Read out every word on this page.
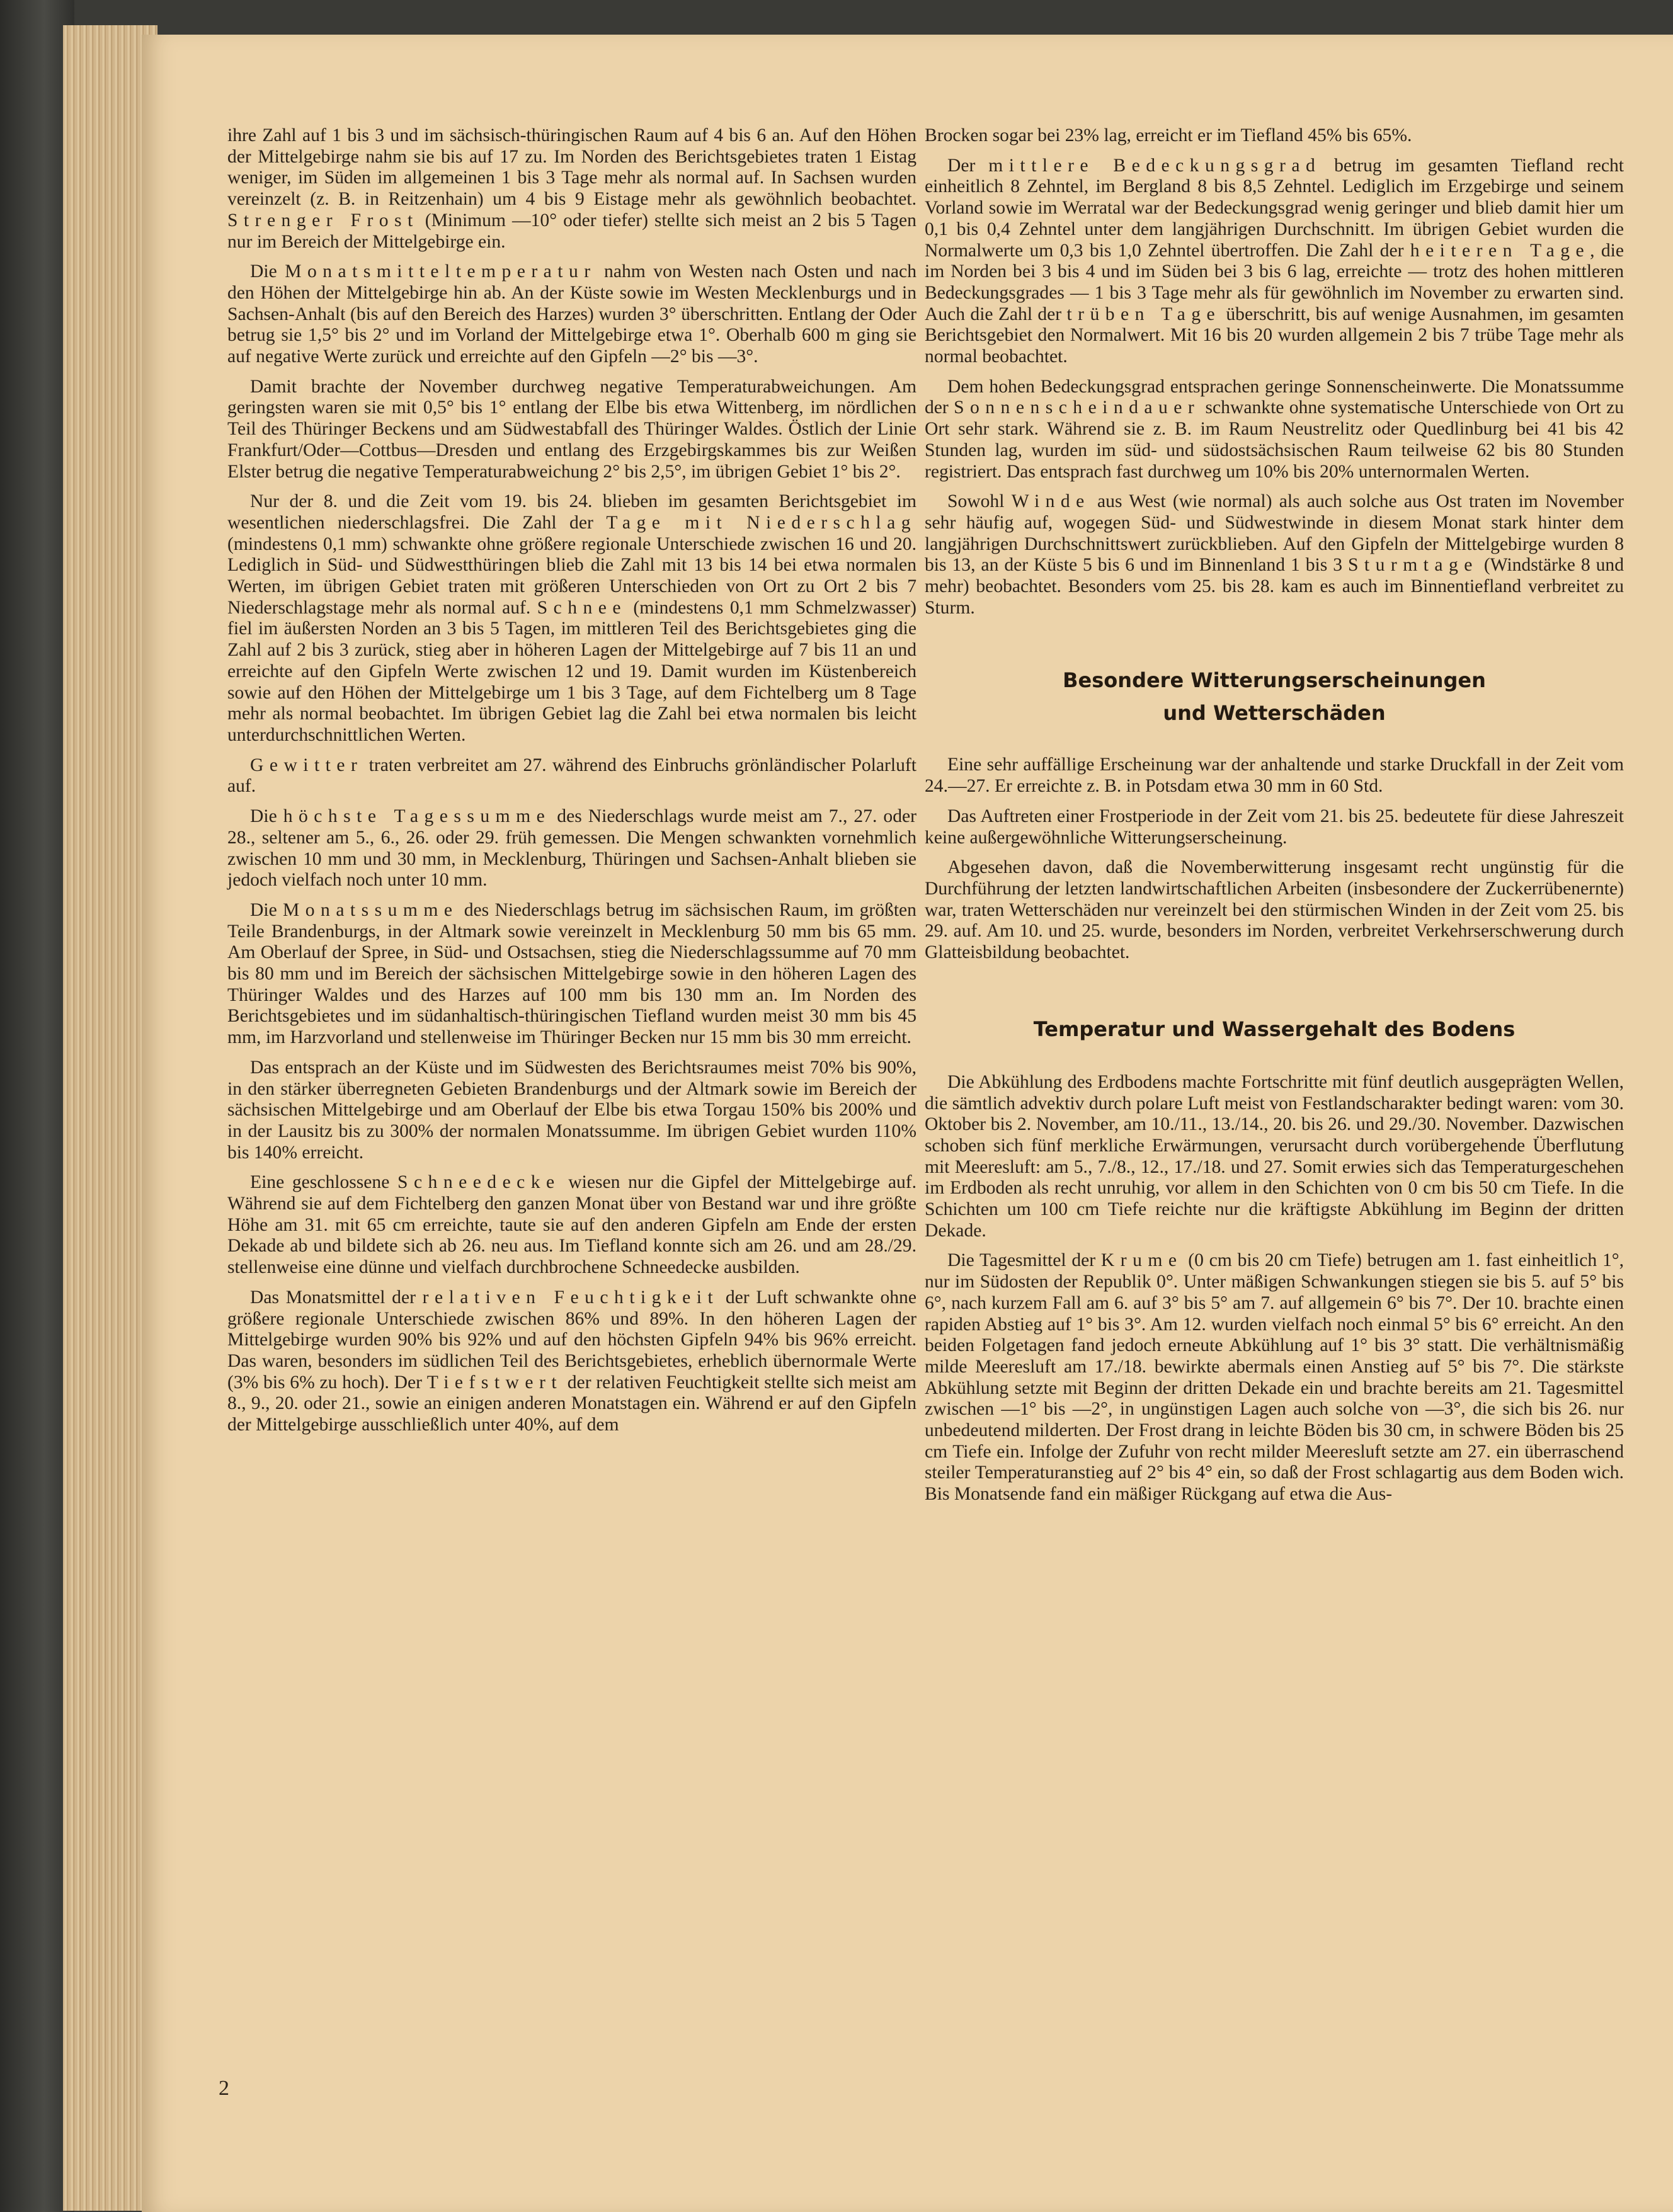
ihre Zahl auf 1 bis 3 und im sächsisch-thüringischen Raum auf 4 bis 6 an. Auf den Höhen der Mittelgebirge nahm sie bis auf 17 zu. Im Norden des Berichtsgebietes traten 1 Eistag weniger, im Süden im allgemeinen 1 bis 3 Tage mehr als normal auf. In Sachsen wurden vereinzelt (z. B. in Reitzenhain) um 4 bis 9 Eistage mehr als gewöhnlich beobachtet. Strenger Frost (Minimum —10° oder tiefer) stellte sich meist an 2 bis 5 Tagen nur im Bereich der Mittelgebirge ein.

Die Monatsmitteltemperatur nahm von Westen nach Osten und nach den Höhen der Mittelgebirge hin ab. An der Küste sowie im Westen Mecklenburgs und in Sachsen-Anhalt (bis auf den Bereich des Harzes) wurden 3° überschritten. Entlang der Oder betrug sie 1,5° bis 2° und im Vorland der Mittelgebirge etwa 1°. Oberhalb 600 m ging sie auf negative Werte zurück und erreichte auf den Gipfeln —2° bis —3°.

Damit brachte der November durchweg negative Temperaturabweichungen. Am geringsten waren sie mit 0,5° bis 1° entlang der Elbe bis etwa Wittenberg, im nördlichen Teil des Thüringer Beckens und am Südwestabfall des Thüringer Waldes. Östlich der Linie Frankfurt/Oder—Cottbus—Dresden und entlang des Erzgebirgskammes bis zur Weißen Elster betrug die negative Temperaturabweichung 2° bis 2,5°, im übrigen Gebiet 1° bis 2°.

Nur der 8. und die Zeit vom 19. bis 24. blieben im gesamten Berichtsgebiet im wesentlichen niederschlagsfrei. Die Zahl der Tage mit Niederschlag (mindestens 0,1 mm) schwankte ohne größere regionale Unterschiede zwischen 16 und 20. Lediglich in Süd- und Südwestthüringen blieb die Zahl mit 13 bis 14 bei etwa normalen Werten, im übrigen Gebiet traten mit größeren Unterschieden von Ort zu Ort 2 bis 7 Niederschlagstage mehr als normal auf. Schnee (mindestens 0,1 mm Schmelzwasser) fiel im äußersten Norden an 3 bis 5 Tagen, im mittleren Teil des Berichtsgebietes ging die Zahl auf 2 bis 3 zurück, stieg aber in höheren Lagen der Mittelgebirge auf 7 bis 11 an und erreichte auf den Gipfeln Werte zwischen 12 und 19. Damit wurden im Küstenbereich sowie auf den Höhen der Mittelgebirge um 1 bis 3 Tage, auf dem Fichtelberg um 8 Tage mehr als normal beobachtet. Im übrigen Gebiet lag die Zahl bei etwa normalen bis leicht unterdurchschnittlichen Werten.

Gewitter traten verbreitet am 27. während des Einbruchs grönländischer Polarluft auf.

Die höchste Tagessumme des Niederschlags wurde meist am 7., 27. oder 28., seltener am 5., 6., 26. oder 29. früh gemessen. Die Mengen schwankten vornehmlich zwischen 10 mm und 30 mm, in Mecklenburg, Thüringen und Sachsen-Anhalt blieben sie jedoch vielfach noch unter 10 mm.

Die Monatssumme des Niederschlags betrug im sächsischen Raum, im größten Teile Brandenburgs, in der Altmark sowie vereinzelt in Mecklenburg 50 mm bis 65 mm. Am Oberlauf der Spree, in Süd- und Ostsachsen, stieg die Niederschlagssumme auf 70 mm bis 80 mm und im Bereich der sächsischen Mittelgebirge sowie in den höheren Lagen des Thüringer Waldes und des Harzes auf 100 mm bis 130 mm an. Im Norden des Berichtsgebietes und im südanhaltisch-thüringischen Tiefland wurden meist 30 mm bis 45 mm, im Harzvorland und stellenweise im Thüringer Becken nur 15 mm bis 30 mm erreicht.

Das entsprach an der Küste und im Südwesten des Berichtsraumes meist 70% bis 90%, in den stärker überregneten Gebieten Brandenburgs und der Altmark sowie im Bereich der sächsischen Mittelgebirge und am Oberlauf der Elbe bis etwa Torgau 150% bis 200% und in der Lausitz bis zu 300% der normalen Monatssumme. Im übrigen Gebiet wurden 110% bis 140% erreicht.

Eine geschlossene Schneedecke wiesen nur die Gipfel der Mittelgebirge auf. Während sie auf dem Fichtelberg den ganzen Monat über von Bestand war und ihre größte Höhe am 31. mit 65 cm erreichte, taute sie auf den anderen Gipfeln am Ende der ersten Dekade ab und bildete sich ab 26. neu aus. Im Tiefland konnte sich am 26. und am 28./29. stellenweise eine dünne und vielfach durchbrochene Schneedecke ausbilden.

Das Monatsmittel der relativen Feuchtigkeit der Luft schwankte ohne größere regionale Unterschiede zwischen 86% und 89%. In den höheren Lagen der Mittelgebirge wurden 90% bis 92% und auf den höchsten Gipfeln 94% bis 96% erreicht. Das waren, besonders im südlichen Teil des Berichtsgebietes, erheblich übernormale Werte (3% bis 6% zu hoch). Der Tiefstwert der relativen Feuchtigkeit stellte sich meist am 8., 9., 20. oder 21., sowie an einigen anderen Monatstagen ein. Während er auf den Gipfeln der Mittelgebirge ausschließlich unter 40%, auf dem

Brocken sogar bei 23% lag, erreicht er im Tiefland 45% bis 65%.

Der mittlere Bedeckungsgrad betrug im gesamten Tiefland recht einheitlich 8 Zehntel, im Bergland 8 bis 8,5 Zehntel. Lediglich im Erzgebirge und seinem Vorland sowie im Werratal war der Bedeckungsgrad wenig geringer und blieb damit hier um 0,1 bis 0,4 Zehntel unter dem langjährigen Durchschnitt. Im übrigen Gebiet wurden die Normalwerte um 0,3 bis 1,0 Zehntel übertroffen. Die Zahl der heiteren Tage, die im Norden bei 3 bis 4 und im Süden bei 3 bis 6 lag, erreichte — trotz des hohen mittleren Bedeckungsgrades — 1 bis 3 Tage mehr als für gewöhnlich im November zu erwarten sind. Auch die Zahl der trüben Tage überschritt, bis auf wenige Ausnahmen, im gesamten Berichtsgebiet den Normalwert. Mit 16 bis 20 wurden allgemein 2 bis 7 trübe Tage mehr als normal beobachtet.

Dem hohen Bedeckungsgrad entsprachen geringe Sonnenscheinwerte. Die Monatssumme der Sonnenscheindauer schwankte ohne systematische Unterschiede von Ort zu Ort sehr stark. Während sie z. B. im Raum Neustrelitz oder Quedlinburg bei 41 bis 42 Stunden lag, wurden im süd- und südostsächsischen Raum teilweise 62 bis 80 Stunden registriert. Das entsprach fast durchweg um 10% bis 20% unternormalen Werten.

Sowohl Winde aus West (wie normal) als auch solche aus Ost traten im November sehr häufig auf, wogegen Süd- und Südwestwinde in diesem Monat stark hinter dem langjährigen Durchschnittswert zurückblieben. Auf den Gipfeln der Mittelgebirge wurden 8 bis 13, an der Küste 5 bis 6 und im Binnenland 1 bis 3 Sturmtage (Windstärke 8 und mehr) beobachtet. Besonders vom 25. bis 28. kam es auch im Binnentiefland verbreitet zu Sturm.

Besondere Witterungserscheinungen
und Wetterschäden

Eine sehr auffällige Erscheinung war der anhaltende und starke Druckfall in der Zeit vom 24.—27. Er erreichte z. B. in Potsdam etwa 30 mm in 60 Std.

Das Auftreten einer Frostperiode in der Zeit vom 21. bis 25. bedeutete für diese Jahreszeit keine außergewöhnliche Witterungserscheinung.

Abgesehen davon, daß die Novemberwitterung insgesamt recht ungünstig für die Durchführung der letzten landwirtschaftlichen Arbeiten (insbesondere der Zuckerrübenernte) war, traten Wetterschäden nur vereinzelt bei den stürmischen Winden in der Zeit vom 25. bis 29. auf. Am 10. und 25. wurde, besonders im Norden, verbreitet Verkehrserschwerung durch Glatteisbildung beobachtet.

Temperatur und Wassergehalt des Bodens

Die Abkühlung des Erdbodens machte Fortschritte mit fünf deutlich ausgeprägten Wellen, die sämtlich advektiv durch polare Luft meist von Festlandscharakter bedingt waren: vom 30. Oktober bis 2. November, am 10./11., 13./14., 20. bis 26. und 29./30. November. Dazwischen schoben sich fünf merkliche Erwärmungen, verursacht durch vorübergehende Überflutung mit Meeresluft: am 5., 7./8., 12., 17./18. und 27. Somit erwies sich das Temperaturgeschehen im Erdboden als recht unruhig, vor allem in den Schichten von 0 cm bis 50 cm Tiefe. In die Schichten um 100 cm Tiefe reichte nur die kräftigste Abkühlung im Beginn der dritten Dekade.

Die Tagesmittel der Krume (0 cm bis 20 cm Tiefe) betrugen am 1. fast einheitlich 1°, nur im Südosten der Republik 0°. Unter mäßigen Schwankungen stiegen sie bis 5. auf 5° bis 6°, nach kurzem Fall am 6. auf 3° bis 5° am 7. auf allgemein 6° bis 7°. Der 10. brachte einen rapiden Abstieg auf 1° bis 3°. Am 12. wurden vielfach noch einmal 5° bis 6° erreicht. An den beiden Folgetagen fand jedoch erneute Abkühlung auf 1° bis 3° statt. Die verhältnismäßig milde Meeresluft am 17./18. bewirkte abermals einen Anstieg auf 5° bis 7°. Die stärkste Abkühlung setzte mit Beginn der dritten Dekade ein und brachte bereits am 21. Tagesmittel zwischen —1° bis —2°, in ungünstigen Lagen auch solche von —3°, die sich bis 26. nur unbedeutend milderten. Der Frost drang in leichte Böden bis 30 cm, in schwere Böden bis 25 cm Tiefe ein. Infolge der Zufuhr von recht milder Meeresluft setzte am 27. ein überraschend steiler Temperaturanstieg auf 2° bis 4° ein, so daß der Frost schlagartig aus dem Boden wich. Bis Monatsende fand ein mäßiger Rückgang auf etwa die Aus-

2
